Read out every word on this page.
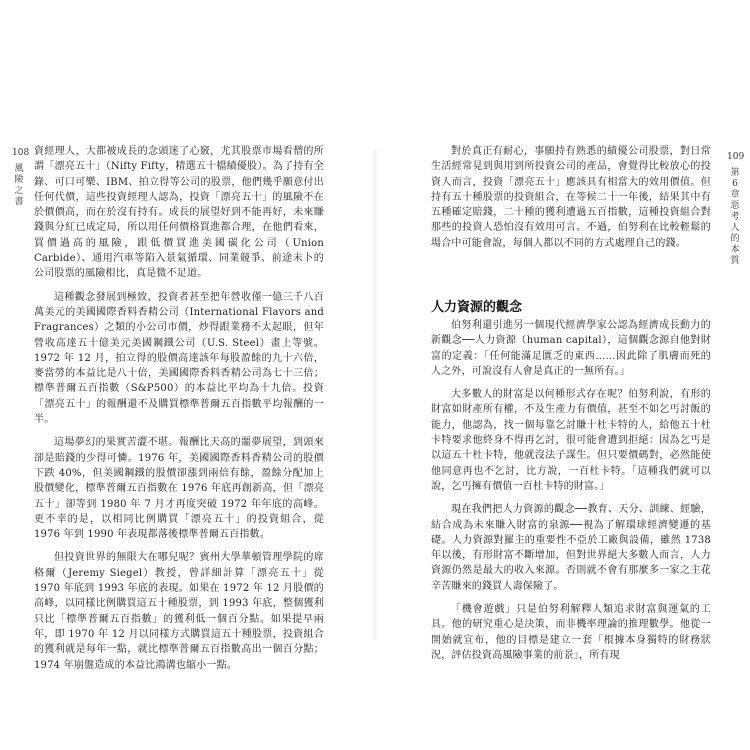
108
風險之書

資經理人，大都被成長的念頭迷了心竅，尤其股票市場看僧的所謂「漂亮五十」（Nifty Fifty，精選五十檔績優股）。為了持有全錄、可口可樂、IBM、拍立得等公司的股票，他們幾乎願意付出任何代價，這些投資經理人認為，投資「漂亮五十」的風險不在於價價高，而在於沒有持有。成長的展望好到不能再好，未來賺錢與分紅已成定局，所以用任何價格買進都合理，在他們看來，買價過高的風險，跟低價買進美國碳化公司（Union Carbide）、通用汽車等陷入景氣循環、同業競爭、前途未卜的公司股票的風險相比，真是微不足道。

這種觀念發展到極致，投資者甚至把年營收僅一億三千八百萬美元的美國國際香料香精公司（International Flavors and Fragrances）之類的小公司市價，炒得跟業務不太起眼，但年營收高達五十億美元美國鋼鐵公司（U.S. Steel）畫上等號。1972 年 12 月，拍立得的股價高達該年每股盈餘的九十六倍，麥當勞的本益比是八十倍，美國國際香料香精公司為七十三倍；標準普爾五百指數（S&P500）的本益比平均為十九倍。投資「漂亮五十」的報酬還不及購買標準普爾五百指數平均報酬的一半。

這場夢幻的果實苦澀不堪。報酬比天高的噩夢展望，到頭來卻是賠錢的少得可憐。1976 年，美國國際香料香精公司的股價下跌 40%，但美國鋼鐵的股價卻漲到兩倍有餘，盈餘分配加上股價變化，標準普爾五百指數在 1976 年底再創新高，但「漂亮五十」卻等到 1980 年 7 月才再度突破 1972 年年底的高峰。更不幸的是，以相同比例購買「漂亮五十」的投資組合，從 1976 年到 1990 年表現都落後標準普爾五百指數。

但投資世界的無限大在哪兒呢？賓州大學華頓管理學院的席格爾（Jeremy Siegel）教授，曾詳細計算「漂亮五十」從 1970 年底到 1993 年底的表現。如果在 1972 年 12 月股價的高峰，以同樣比例購買這五十種股票，到 1993 年底，整個獲利只比「標準普爾五百指數」的獲利低一個百分點。如果提早兩年，即 1970 年 12 月以同樣方式購買這五十種股票，投資組合的獲利就是每年一點，就比標準普爾五百指數高出一個百分點；1974 年崩盤造成的本益比鴻溝也縮小一點。

109
第6章 惡考人的本質

對於真正有耐心，事願持有熟悉的績優公司股票，對日常生活經常見到與用到所投資公司的產品，會覺得比較放心的投資人而言，投資「漂亮五十」應該具有相當大的效用價值。但持有五十種股票的投資組合，在等候二十一年後，結果其中有五種確定賠錢，二十種的獲利遭過五百指數，這種投資組合對那些的投資人恐怕沒有效用可言。不過，伯努利在比較輕鬆的場合中可能會說，每個人都以不同的方式處理自己的錢。

人力資源的觀念

伯努利還引進另一個現代經濟學家公認為經濟成長動力的新觀念──人力資源（human capital），這個觀念源自他對財富的定義：「任何能滿足匱乏的東西……因此除了肌膚而死的人之外，可說沒有人會是真正的一無所有。」

大多數人的財富是以何種形式存在呢？伯努利說，有形的財富如財產所有權，不及生產力有價值，甚至不如乞丐討飯的能力，他認為，找一個每靠乞討賺十杜卡特的人，給他五十杜卡特要求他終身不得再乞討，很可能會遭到拒絕：因為乞丐是以這五十杜卡特，他就沒法子謀生。但只要價碼對，必然能使他同意再也不乞討，比方說，一百杜卡特。「這種我們就可以說，乞丐擁有價值一百杜卡特的財富。」

現在我們把人力資源的觀念──教育、天分、訓練、經驗，結合成為未來賺入財富的泉源──視為了解環球經濟變遷的基礎。人力資源對羅主的重要性不亞於工廠與設備，雖然 1738 年以後，有形財富不斷增加，但對世界絕大多數人而言，人力資源仍然是最大的收入來源。否則就不會有那麼多一家之主花辛苦賺來的錢買人壽保險了。

「機會遊戲」只是伯努利解釋人類追求財富與運氣的工具。他的研究重心是決策，而非機率理論的推理數學。他從一開始就宣布，他的目標是建立一套「根據本身獨特的財務狀況，評估投資高風險事業的前景」，所有現
